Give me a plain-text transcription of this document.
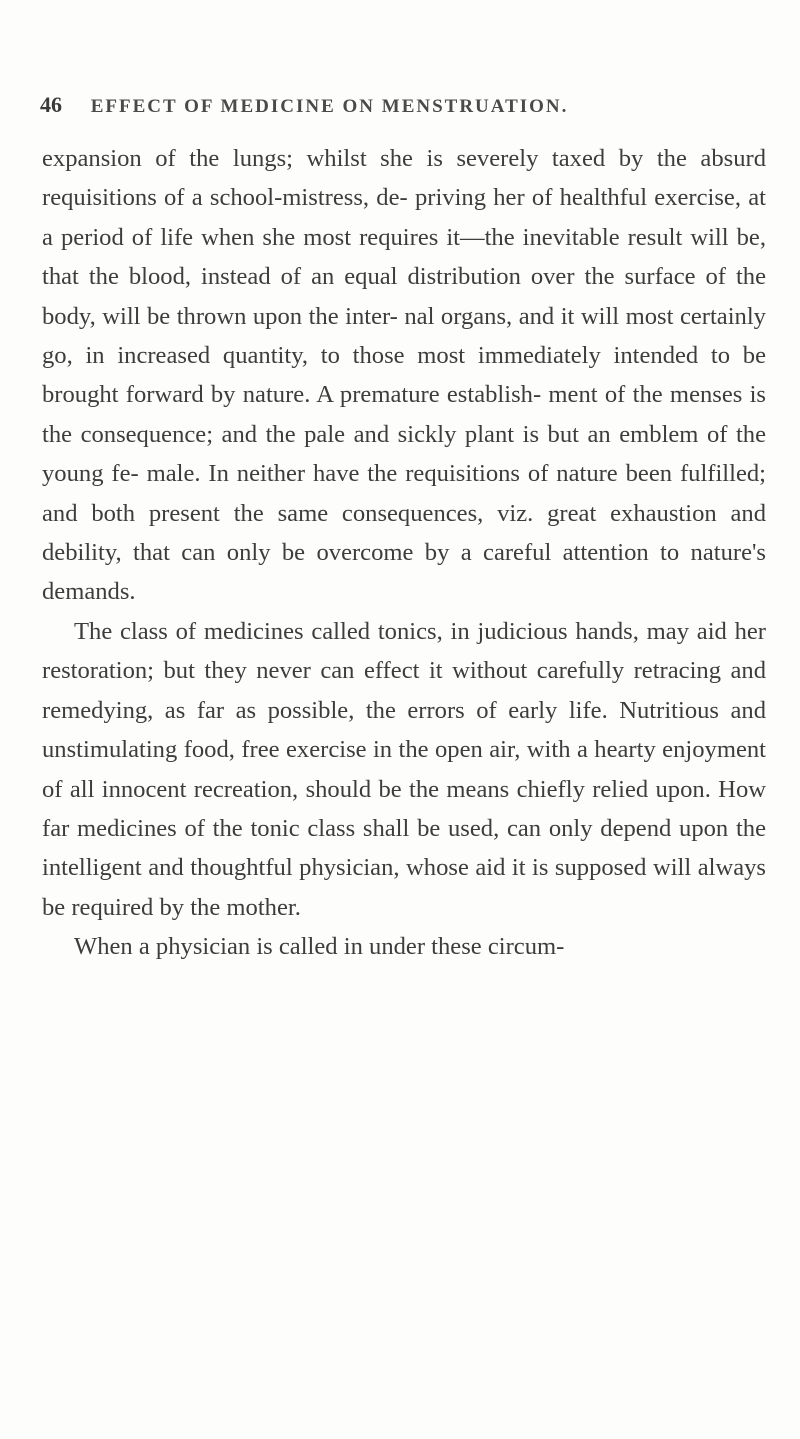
46 EFFECT OF MEDICINE ON MENSTRUATION.

expansion of the lungs; whilst she is severely taxed by the absurd requisitions of a school-mistress, de- priving her of healthful exercise, at a period of life when she most requires it—the inevitable result will be, that the blood, instead of an equal distribution over the surface of the body, will be thrown upon the inter- nal organs, and it will most certainly go, in increased quantity, to those most immediately intended to be brought forward by nature. A premature establish- ment of the menses is the consequence; and the pale and sickly plant is but an emblem of the young fe- male. In neither have the requisitions of nature been fulfilled; and both present the same consequences, viz. great exhaustion and debility, that can only be overcome by a careful attention to nature's demands.

The class of medicines called tonics, in judicious hands, may aid her restoration; but they never can effect it without carefully retracing and remedying, as far as possible, the errors of early life. Nutritious and unstimulating food, free exercise in the open air, with a hearty enjoyment of all innocent recreation, should be the means chiefly relied upon. How far medicines of the tonic class shall be used, can only depend upon the intelligent and thoughtful physician, whose aid it is supposed will always be required by the mother.

When a physician is called in under these circum-
